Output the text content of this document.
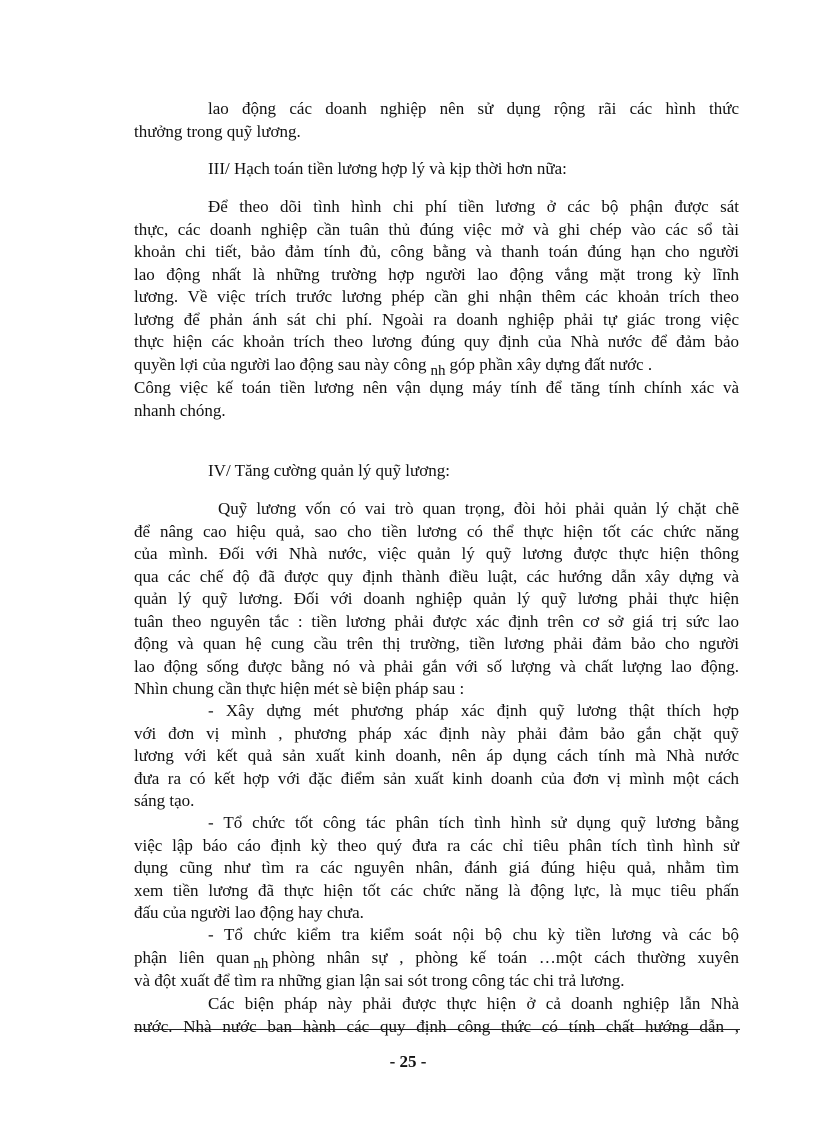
lao động các doanh nghiệp nên sử dụng rộng rãi các hình thức
thưởng trong quỹ lương.
III/ Hạch toán tiền lương hợp lý và kịp thời hơn nữa:
Để theo dõi tình hình chi phí tiền lương ở các bộ phận được sát
thực, các doanh nghiệp cần tuân thủ đúng việc mở và ghi chép vào các sổ tài
khoản chi tiết, bảo đảm tính đủ, công bằng và thanh toán đúng hạn cho người
lao động nhất là những trường hợp người lao động vắng mặt trong kỳ lĩnh
lương. Về việc trích trước lương phép cần ghi nhận thêm các khoản trích theo
lương để phản ánh sát chi phí. Ngoài ra doanh nghiệp phải tự giác trong việc
thực hiện các khoản trích theo lương đúng quy định của Nhà nước để đảm bảo
quyền lợi của người lao động sau này công nh góp phần xây dựng đất nước .
Công việc kế toán tiền lương nên vận dụng máy tính để tăng tính chính xác và
nhanh chóng.
IV/ Tăng cường quản lý quỹ lương:
Quỹ lương vốn có vai trò quan trọng, đòi hỏi phải quản lý chặt chẽ
để nâng cao hiệu quả, sao cho tiền lương có thể thực hiện tốt các chức năng
của mình. Đối với Nhà nước, việc quản lý quỹ lương được thực hiện thông
qua các chế độ đã được quy định thành điều luật, các hướng dẫn xây dựng và
quản lý quỹ lương. Đối với doanh nghiệp quản lý quỹ lương phải thực hiện
tuân theo nguyên tắc : tiền lương phải được xác định trên cơ sở giá trị sức lao
động và quan hệ cung cầu trên thị trường, tiền lương phải đảm bảo cho người
lao động sống được bằng nó và phải gắn với số lượng và chất lượng lao động.
Nhìn chung cần thực hiện mét sè biện pháp sau :
- Xây dựng mét phương pháp xác định quỹ lương thật thích hợp
với đơn vị mình , phương pháp xác định này phải đảm bảo gắn chặt quỹ
lương với kết quả sản xuất kinh doanh, nên áp dụng cách tính mà Nhà nước
đưa ra có kết hợp với đặc điểm sản xuất kinh doanh của đơn vị mình một cách
sáng tạo.
- Tổ chức tốt công tác phân tích tình hình sử dụng quỹ lương bằng
việc lập báo cáo định kỳ theo quý đưa ra các chỉ tiêu phân tích tình hình sử
dụng cũng như tìm ra các nguyên nhân, đánh giá đúng hiệu quả, nhằm tìm
xem tiền lương đã thực hiện tốt các chức năng là động lực, là mục tiêu phấn
đấu của người lao động hay chưa.
- Tổ chức kiểm tra kiểm soát nội bộ chu kỳ tiền lương và các bộ
phận liên quan nh phòng nhân sự , phòng kế toán …một cách thường xuyên
và đột xuất để tìm ra những gian lận sai sót trong công tác chi trả lương.
Các biện pháp này phải được thực hiện ở cả doanh nghiệp lẫn Nhà
nước. Nhà nước ban hành các quy định công thức có tính chất hướng dẫn ,
- 25 -
